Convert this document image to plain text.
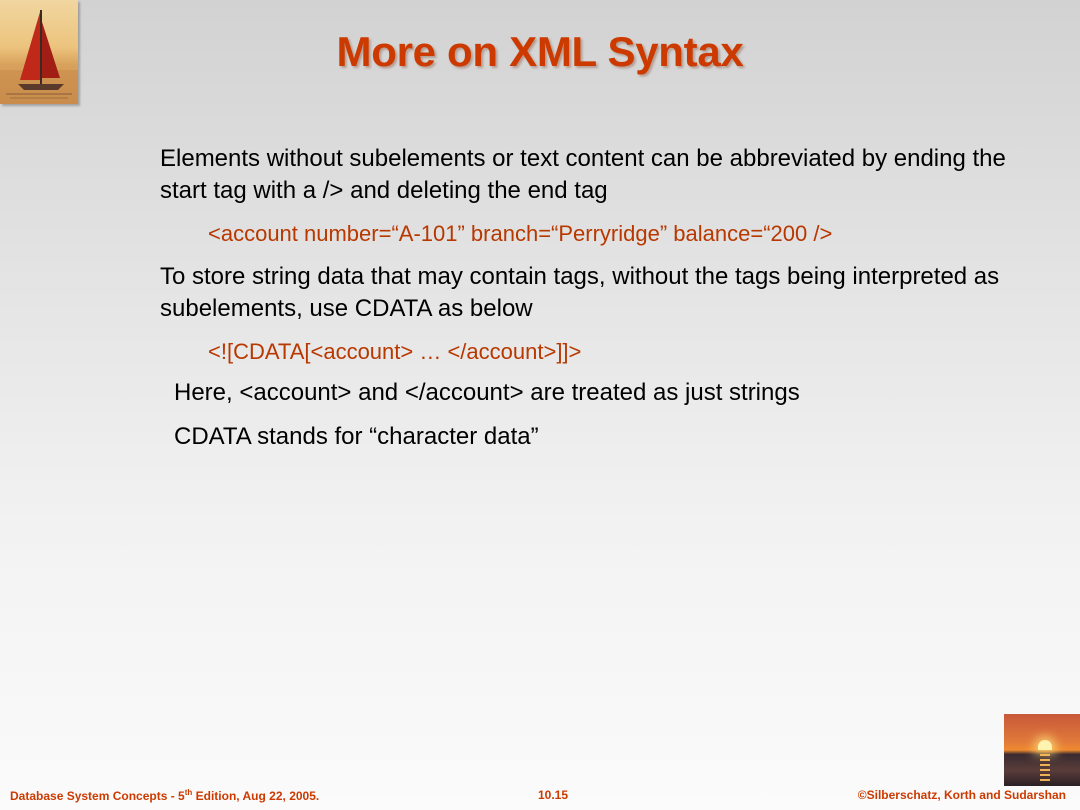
More on XML Syntax

Elements without subelements or text content can be abbreviated by ending the start tag with a /> and deleting the end tag

<account number=“A-101” branch=“Perryridge” balance=“200 />

To store string data that may contain tags, without the tags being interpreted as subelements, use CDATA as below

<![CDATA[<account> … </account>]]>

Here, <account> and </account> are treated as just strings

CDATA stands for “character data”

Database System Concepts - 5th Edition, Aug 22, 2005.	10.15	©Silberschatz, Korth and Sudarshan
